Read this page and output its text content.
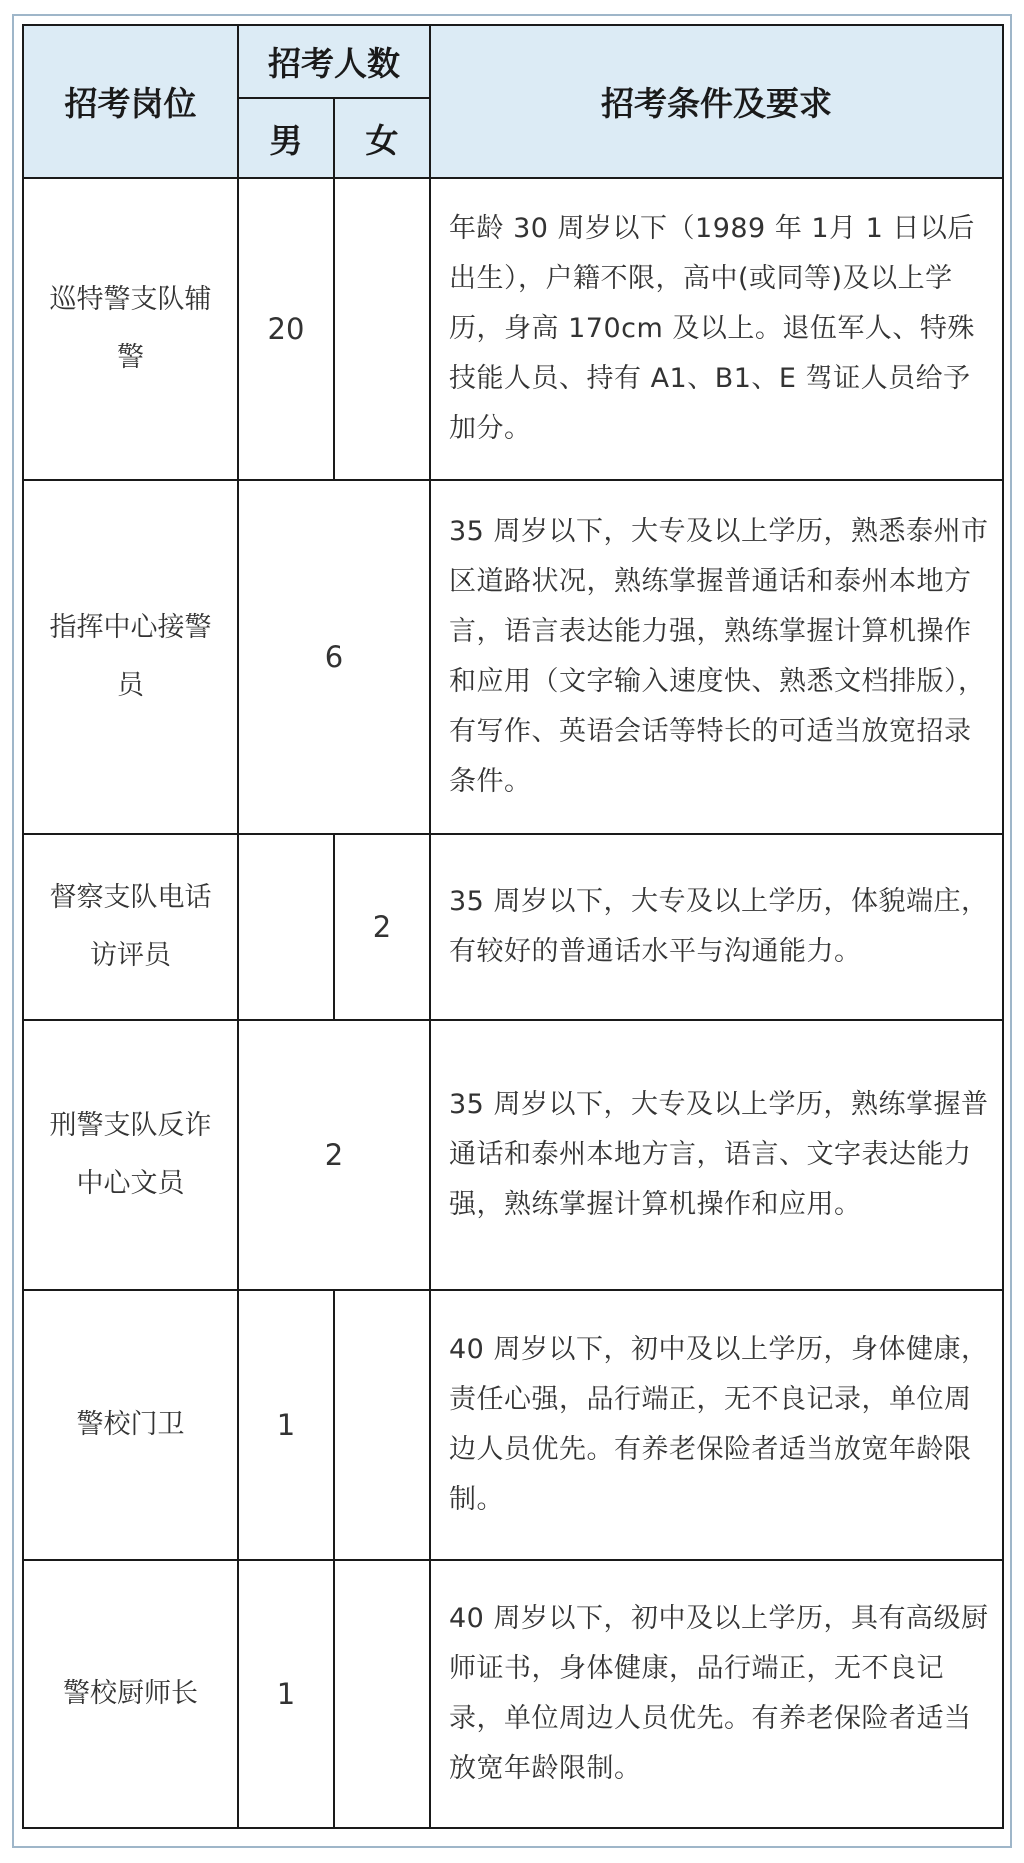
招考岗位	招考人数		招考条件及要求
	男	女	
巡特警支队辅警	20		年龄 30 周岁以下（1989 年 1月 1 日以后出生），户籍不限，高中(或同等)及以上学历，身高 170cm 及以上。退伍军人、特殊技能人员、持有 A1、B1、E 驾证人员给予加分。
指挥中心接警员	6		35 周岁以下，大专及以上学历，熟悉泰州市区道路状况，熟练掌握普通话和泰州本地方言，语言表达能力强，熟练掌握计算机操作和应用（文字输入速度快、熟悉文档排版），有写作、英语会话等特长的可适当放宽招录条件。
督察支队电话访评员		2	35 周岁以下，大专及以上学历，体貌端庄，有较好的普通话水平与沟通能力。
刑警支队反诈中心文员	2		35 周岁以下，大专及以上学历，熟练掌握普通话和泰州本地方言，语言、文字表达能力强，熟练掌握计算机操作和应用。
警校门卫	1		40 周岁以下，初中及以上学历，身体健康，责任心强，品行端正，无不良记录，单位周边人员优先。有养老保险者适当放宽年龄限制。
警校厨师长	1		40 周岁以下，初中及以上学历，具有高级厨师证书，身体健康，品行端正，无不良记录，单位周边人员优先。有养老保险者适当放宽年龄限制。
